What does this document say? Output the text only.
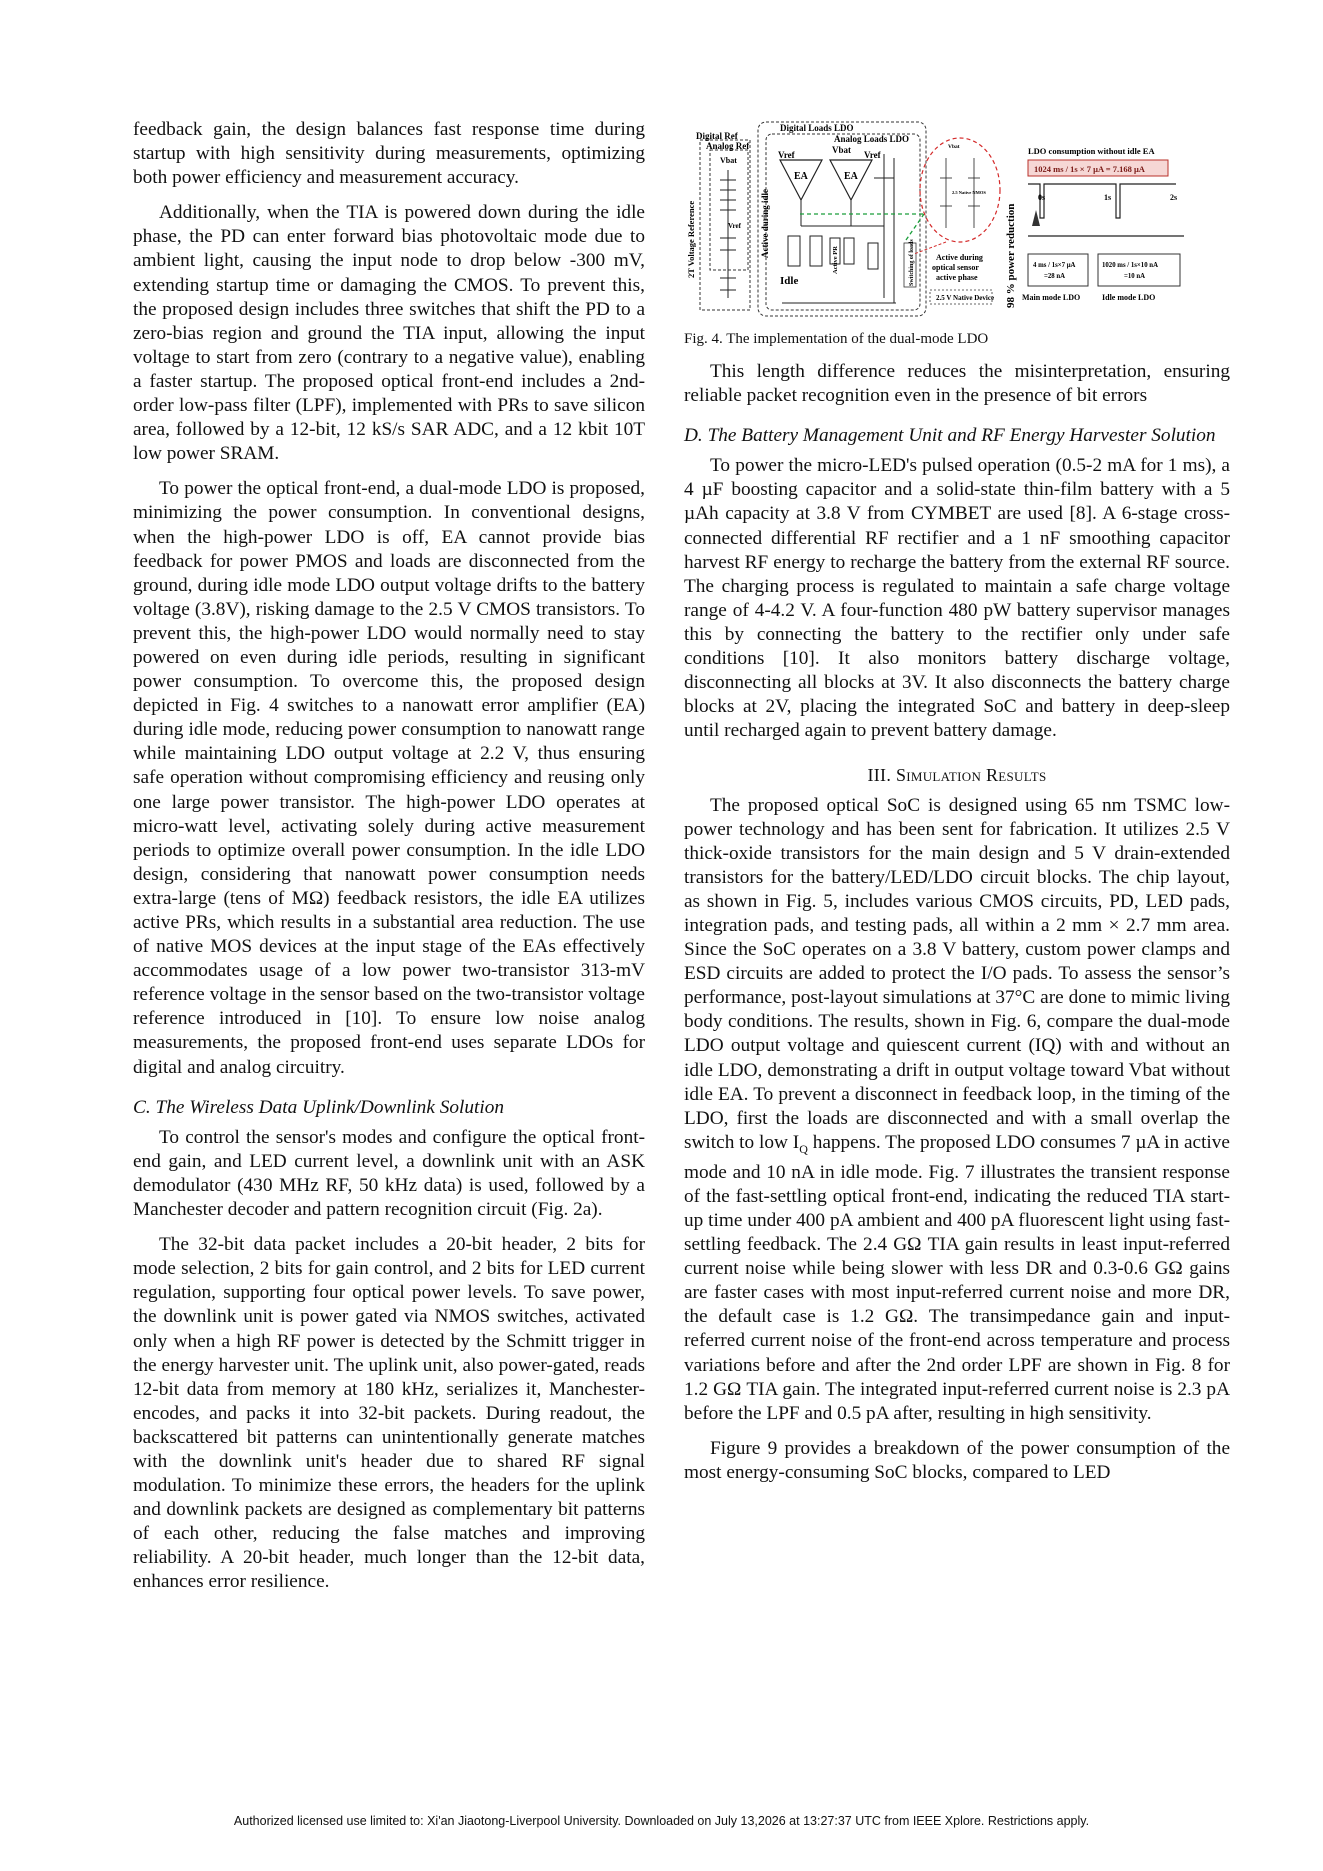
feedback gain, the design balances fast response time during startup with high sensitivity during measurements, optimizing both power efficiency and measurement accuracy.

Additionally, when the TIA is powered down during the idle phase, the PD can enter forward bias photovoltaic mode due to ambient light, causing the input node to drop below -300 mV, extending startup time or damaging the CMOS. To prevent this, the proposed design includes three switches that shift the PD to a zero-bias region and ground the TIA input, allowing the input voltage to start from zero (contrary to a negative value), enabling a faster startup. The proposed optical front-end includes a 2nd-order low-pass filter (LPF), implemented with PRs to save silicon area, followed by a 12-bit, 12 kS/s SAR ADC, and a 12 kbit 10T low power SRAM.

To power the optical front-end, a dual-mode LDO is proposed, minimizing the power consumption. In conventional designs, when the high-power LDO is off, EA cannot provide bias feedback for power PMOS and loads are disconnected from the ground, during idle mode LDO output voltage drifts to the battery voltage (3.8V), risking damage to the 2.5 V CMOS transistors. To prevent this, the high-power LDO would normally need to stay powered on even during idle periods, resulting in significant power consumption. To overcome this, the proposed design depicted in Fig. 4 switches to a nanowatt error amplifier (EA) during idle mode, reducing power consumption to nanowatt range while maintaining LDO output voltage at 2.2 V, thus ensuring safe operation without compromising efficiency and reusing only one large power transistor. The high-power LDO operates at micro-watt level, activating solely during active measurement periods to optimize overall power consumption. In the idle LDO design, considering that nanowatt power consumption needs extra-large (tens of MΩ) feedback resistors, the idle EA utilizes active PRs, which results in a substantial area reduction. The use of native MOS devices at the input stage of the EAs effectively accommodates usage of a low power two-transistor 313-mV reference voltage in the sensor based on the two-transistor voltage reference introduced in [10]. To ensure low noise analog measurements, the proposed front-end uses separate LDOs for digital and analog circuitry.

C. The Wireless Data Uplink/Downlink Solution

To control the sensor's modes and configure the optical front-end gain, and LED current level, a downlink unit with an ASK demodulator (430 MHz RF, 50 kHz data) is used, followed by a Manchester decoder and pattern recognition circuit (Fig. 2a).

The 32-bit data packet includes a 20-bit header, 2 bits for mode selection, 2 bits for gain control, and 2 bits for LED current regulation, supporting four optical power levels. To save power, the downlink unit is power gated via NMOS switches, activated only when a high RF power is detected by the Schmitt trigger in the energy harvester unit. The uplink unit, also power-gated, reads 12-bit data from memory at 180 kHz, serializes it, Manchester-encodes, and packs it into 32-bit packets. During readout, the backscattered bit patterns can unintentionally generate matches with the downlink unit's header due to shared RF signal modulation. To minimize these errors, the headers for the uplink and downlink packets are designed as complementary bit patterns of each other, reducing the false matches and improving reliability. A 20-bit header, much longer than the 12-bit data, enhances error resilience.

Digital Ref
Analog Ref
Vbat
Vref
2T Voltage Reference
Digital Loads LDO
Analog Loads LDO
Active during idle
EA	EA
Vref	Vbat Vref
Idle
Active PR	Switching of loads
Vbat
2.5 Native NMOS
Active during
optical sensor
active phase
2.5 V Native Device 98 % power reduction
LDO consumption without idle EA
1024 ms / 1s × 7 μA = 7.168 μA
0s	1s	2s
4 ms / 1s×7 μA
=28 nA
1020 ms / 1s×10 nA
=10 nA
Main mode LDO	Idle mode LDO
Fig. 4. The implementation of the dual-mode LDO

This length difference reduces the misinterpretation, ensuring reliable packet recognition even in the presence of bit errors

D. The Battery Management Unit and RF Energy Harvester Solution

To power the micro-LED's pulsed operation (0.5-2 mA for 1 ms), a 4 µF boosting capacitor and a solid-state thin-film battery with a 5 µAh capacity at 3.8 V from CYMBET are used [8]. A 6-stage cross-connected differential RF rectifier and a 1 nF smoothing capacitor harvest RF energy to recharge the battery from the external RF source. The charging process is regulated to maintain a safe charge voltage range of 4-4.2 V. A four-function 480 pW battery supervisor manages this by connecting the battery to the rectifier only under safe conditions [10]. It also monitors battery discharge voltage, disconnecting all blocks at 3V. It also disconnects the battery charge blocks at 2V, placing the integrated SoC and battery in deep-sleep until recharged again to prevent battery damage.

III. Simulation Results

The proposed optical SoC is designed using 65 nm TSMC low-power technology and has been sent for fabrication. It utilizes 2.5 V thick-oxide transistors for the main design and 5 V drain-extended transistors for the battery/LED/LDO circuit blocks. The chip layout, as shown in Fig. 5, includes various CMOS circuits, PD, LED pads, integration pads, and testing pads, all within a 2 mm × 2.7 mm area. Since the SoC operates on a 3.8 V battery, custom power clamps and ESD circuits are added to protect the I/O pads. To assess the sensor’s performance, post-layout simulations at 37°C are done to mimic living body conditions. The results, shown in Fig. 6, compare the dual-mode LDO output voltage and quiescent current (IQ) with and without an idle LDO, demonstrating a drift in output voltage toward Vbat without idle EA. To prevent a disconnect in feedback loop, in the timing of the LDO, first the loads are disconnected and with a small overlap the switch to low $I_Q$ happens. The proposed LDO consumes 7 µA in active mode and 10 nA in idle mode. Fig. 7 illustrates the transient response of the fast-settling optical front-end, indicating the reduced TIA start-up time under 400 pA ambient and 400 pA fluorescent light using fast-settling feedback. The 2.4 GΩ TIA gain results in least input-referred current noise while being slower with less DR and 0.3-0.6 GΩ gains are faster cases with most input-referred current noise and more DR, the default case is 1.2 GΩ. The transimpedance gain and input-referred current noise of the front-end across temperature and process variations before and after the 2nd order LPF are shown in Fig. 8 for 1.2 GΩ TIA gain. The integrated input-referred current noise is 2.3 pA before the LPF and 0.5 pA after, resulting in high sensitivity.

Figure 9 provides a breakdown of the power consumption of the most energy-consuming SoC blocks, compared to LED

Authorized licensed use limited to: Xi'an Jiaotong-Liverpool University. Downloaded on July 13,2026 at 13:27:37 UTC from IEEE Xplore. Restrictions apply.
